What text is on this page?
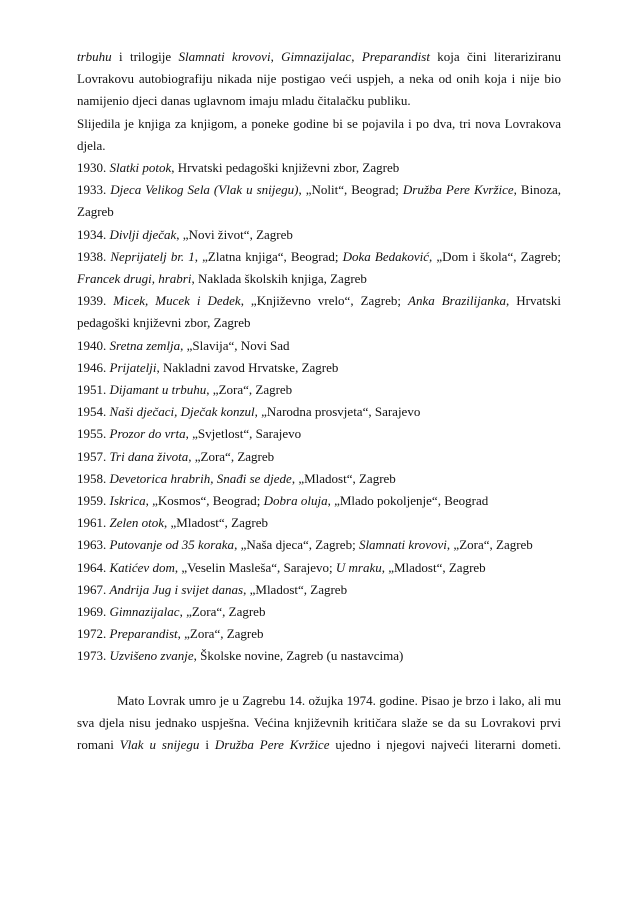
trbuhu i trilogije Slamnati krovovi, Gimnazijalac, Preparandist koja čini literariziranu Lovrakovu autobiografiju nikada nije postigao veći uspjeh, a neka od onih koja i nije bio namijenio djeci danas uglavnom imaju mladu čitalačku publiku.

Slijedila je knjiga za knjigom, a poneke godine bi se pojavila i po dva, tri nova Lovrakova djela.

1930. Slatki potok, Hrvatski pedagoški književni zbor, Zagreb

1933. Djeca Velikog Sela (Vlak u snijegu), „Nolit“, Beograd; Družba Pere Kvržice, Binoza, Zagreb

1934. Divlji dječak, „Novi život“, Zagreb

1938. Neprijatelj br. 1, „Zlatna knjiga“, Beograd; Doka Bedaković, „Dom i škola“, Zagreb; Francek drugi, hrabri, Naklada školskih knjiga, Zagreb

1939. Micek, Mucek i Dedek, „Književno vrelo“, Zagreb; Anka Brazilijanka, Hrvatski pedagoški književni zbor, Zagreb

1940. Sretna zemlja, „Slavija“, Novi Sad

1946. Prijatelji, Nakladni zavod Hrvatske, Zagreb

1951. Dijamant u trbuhu, „Zora“, Zagreb

1954. Naši dječaci, Dječak konzul, „Narodna prosvjeta“, Sarajevo

1955. Prozor do vrta, „Svjetlost“, Sarajevo

1957. Tri dana života, „Zora“, Zagreb

1958. Devetorica hrabrih, Snađi se djede, „Mladost“, Zagreb

1959. Iskrica, „Kosmos“, Beograd; Dobra oluja, „Mlado pokoljenje“, Beograd

1961. Zelen otok, „Mladost“, Zagreb

1963. Putovanje od 35 koraka, „Naša djeca“, Zagreb; Slamnati krovovi, „Zora“, Zagreb

1964. Katićev dom, „Veselin Masleša“, Sarajevo; U mraku, „Mladost“, Zagreb

1967. Andrija Jug i svijet danas, „Mladost“, Zagreb

1969. Gimnazijalac, „Zora“, Zagreb

1972. Preparandist, „Zora“, Zagreb

1973. Uzvišeno zvanje, Školske novine, Zagreb (u nastavcima)

Mato Lovrak umro je u Zagrebu 14. ožujka 1974. godine. Pisao je brzo i lako, ali mu sva djela nisu jednako uspješna. Većina književnih kritičara slaže se da su Lovrakovi prvi romani Vlak u snijegu i Družba Pere Kvržice ujedno i njegovi najveći literarni dometi.
